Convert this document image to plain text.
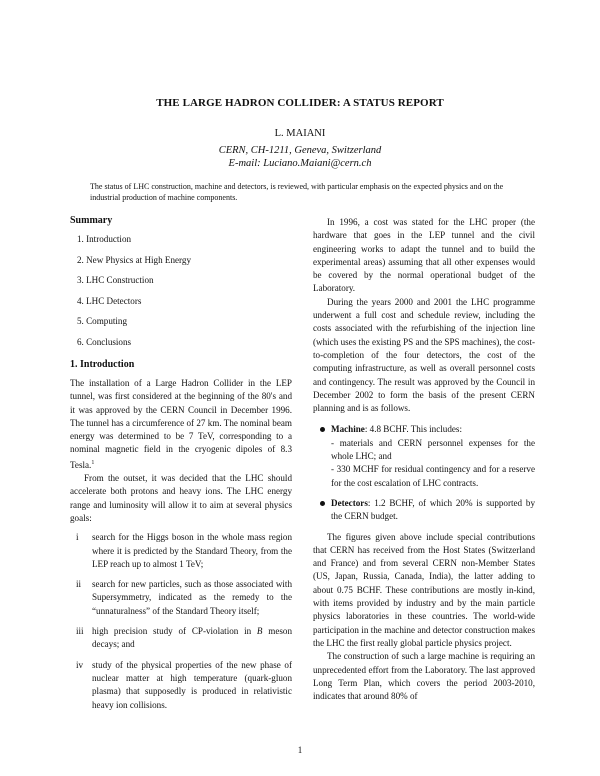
THE LARGE HADRON COLLIDER: A STATUS REPORT
L. MAIANI
CERN, CH-1211, Geneva, Switzerland
E-mail: Luciano.Maiani@cern.ch
The status of LHC construction, machine and detectors, is reviewed, with particular emphasis on the expected physics and on the industrial production of machine components.
Summary
1. Introduction
2. New Physics at High Energy
3. LHC Construction
4. LHC Detectors
5. Computing
6. Conclusions
1. Introduction

The installation of a Large Hadron Collider in the LEP tunnel, was first considered at the beginning of the 80's and it was approved by the CERN Council in December 1996. The tunnel has a circumference of 27 km. The nominal beam energy was determined to be 7 TeV, corresponding to a nominal magnetic field in the cryogenic dipoles of 8.3 Tesla.$^1$

From the outset, it was decided that the LHC should accelerate both protons and heavy ions. The LHC energy range and luminosity will allow it to aim at several physics goals:

i search for the Higgs boson in the whole mass region where it is predicted by the Standard Theory, from the LEP reach up to almost 1 TeV;
ii search for new particles, such as those associated with Supersymmetry, indicated as the remedy to the “unnaturalness” of the Standard Theory itself;
iii high precision study of CP-violation in B meson decays; and
iv study of the physical properties of the new phase of nuclear matter at high temperature (quark-gluon plasma) that supposedly is produced in relativistic heavy ion collisions.

In 1996, a cost was stated for the LHC proper (the hardware that goes in the LEP tunnel and the civil engineering works to adapt the tunnel and to build the experimental areas) assuming that all other expenses would be covered by the normal operational budget of the Laboratory.

During the years 2000 and 2001 the LHC programme underwent a full cost and schedule review, including the costs associated with the refurbishing of the injection line (which uses the existing PS and the SPS machines), the cost-to-completion of the four detectors, the cost of the computing infrastructure, as well as overall personnel costs and contingency. The result was approved by the Council in December 2002 to form the basis of the present CERN planning and is as follows.

Machine: 4.8 BCHF. This includes:
- materials and CERN personnel expenses for the whole LHC; and
- 330 MCHF for residual contingency and for a reserve for the cost escalation of LHC contracts.
Detectors: 1.2 BCHF, of which 20% is supported by the CERN budget.

The figures given above include special contributions that CERN has received from the Host States (Switzerland and France) and from several CERN non-Member States (US, Japan, Russia, Canada, India), the latter adding to about 0.75 BCHF. These contributions are mostly in-kind, with items provided by industry and by the main particle physics laboratories in these countries. The world-wide participation in the machine and detector construction makes the LHC the first really global particle physics project.

The construction of such a large machine is requiring an unprecedented effort from the Laboratory. The last approved Long Term Plan, which covers the period 2003-2010, indicates that around 80% of

1
